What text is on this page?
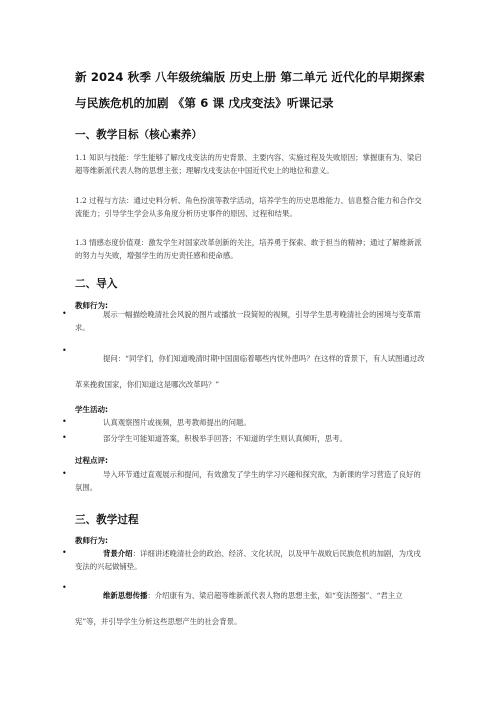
新 2024 秋季 八年级统编版 历史上册 第二单元 近代化的早期探索与民族危机的加剧 《第 6 课 戊戌变法》听课记录
一、教学目标（核心素养）
1.1 知识与技能：学生能够了解戊戌变法的历史背景、主要内容、实施过程及失败原因；掌握康有为、梁启超等维新派代表人物的思想主张；理解戊戌变法在中国近代史上的地位和意义。
1.2 过程与方法：通过史料分析、角色扮演等教学活动，培养学生的历史思维能力、信息整合能力和合作交流能力；引导学生学会从多角度分析历史事件的原因、过程和结果。
1.3 情感态度价值观：激发学生对国家改革创新的关注，培养勇于探索、敢于担当的精神；通过了解维新派的努力与失败，增强学生的历史责任感和使命感。
二、导入
教师行为:
•	展示一幅描绘晚清社会风貌的图片或播放一段简短的视频，引导学生思考晚清社会的困境与变革需求。
•
提问：“同学们，你们知道晚清时期中国面临着哪些内忧外患吗？在这样的背景下，有人试图通过改革来挽救国家，你们知道这是哪次改革吗？”
学生活动:
•	认真观察图片或视频，思考教师提出的问题。
•	部分学生可能知道答案，积极举手回答；不知道的学生则认真倾听，思考。
过程点评:
•	导入环节通过直观展示和提问，有效激发了学生的学习兴趣和探究欲，为新课的学习营造了良好的氛围。
三、教学过程
教师行为:
•	背景介绍：详细讲述晚清社会的政治、经济、文化状况，以及甲午战败后民族危机的加剧，为戊戌变法的兴起做铺垫。
•
维新思想传播：介绍康有为、梁启超等维新派代表人物的思想主张，如“变法图强”、“君主立宪”等，并引导学生分析这些思想产生的社会背景。
